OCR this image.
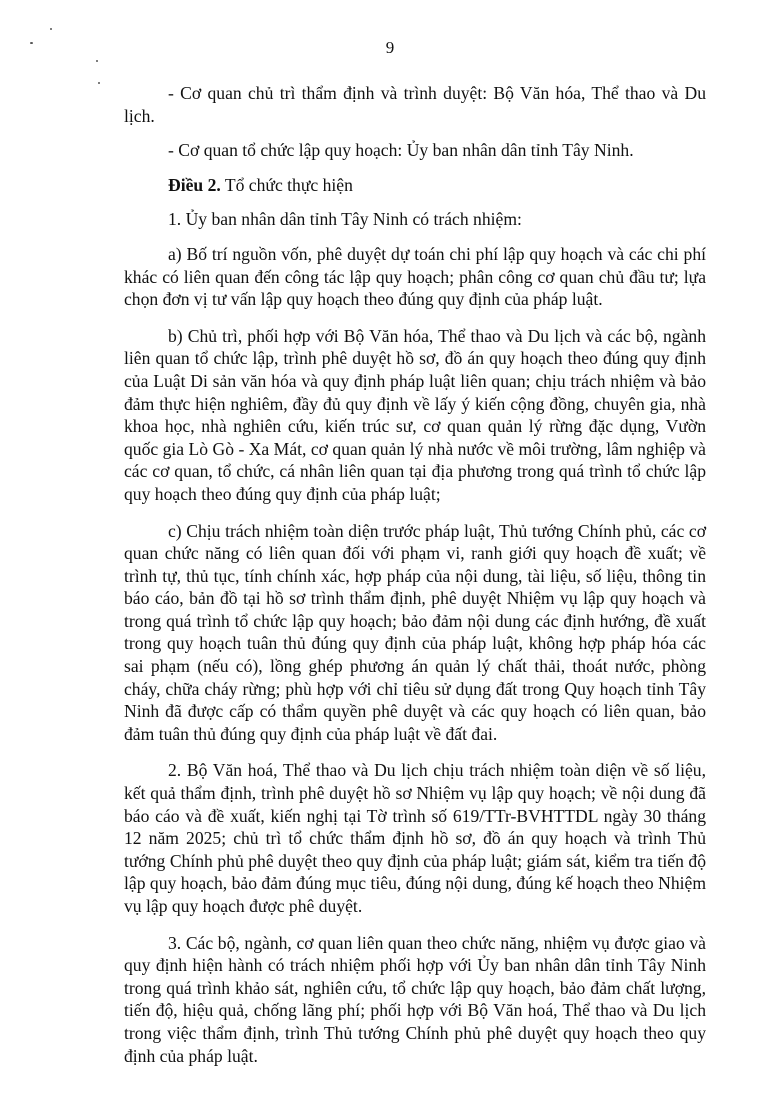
9

- Cơ quan chủ trì thẩm định và trình duyệt: Bộ Văn hóa, Thể thao và Du lịch.

- Cơ quan tổ chức lập quy hoạch: Ủy ban nhân dân tỉnh Tây Ninh.

Điều 2. Tổ chức thực hiện

1. Ủy ban nhân dân tỉnh Tây Ninh có trách nhiệm:

a) Bố trí nguồn vốn, phê duyệt dự toán chi phí lập quy hoạch và các chi phí khác có liên quan đến công tác lập quy hoạch; phân công cơ quan chủ đầu tư; lựa chọn đơn vị tư vấn lập quy hoạch theo đúng quy định của pháp luật.

b) Chủ trì, phối hợp với Bộ Văn hóa, Thể thao và Du lịch và các bộ, ngành liên quan tổ chức lập, trình phê duyệt hồ sơ, đồ án quy hoạch theo đúng quy định của Luật Di sản văn hóa và quy định pháp luật liên quan; chịu trách nhiệm và bảo đảm thực hiện nghiêm, đầy đủ quy định về lấy ý kiến cộng đồng, chuyên gia, nhà khoa học, nhà nghiên cứu, kiến trúc sư, cơ quan quản lý rừng đặc dụng, Vườn quốc gia Lò Gò - Xa Mát, cơ quan quản lý nhà nước về môi trường, lâm nghiệp và các cơ quan, tổ chức, cá nhân liên quan tại địa phương trong quá trình tổ chức lập quy hoạch theo đúng quy định của pháp luật;

c) Chịu trách nhiệm toàn diện trước pháp luật, Thủ tướng Chính phủ, các cơ quan chức năng có liên quan đối với phạm vi, ranh giới quy hoạch đề xuất; về trình tự, thủ tục, tính chính xác, hợp pháp của nội dung, tài liệu, số liệu, thông tin báo cáo, bản đồ tại hồ sơ trình thẩm định, phê duyệt Nhiệm vụ lập quy hoạch và trong quá trình tổ chức lập quy hoạch; bảo đảm nội dung các định hướng, đề xuất trong quy hoạch tuân thủ đúng quy định của pháp luật, không hợp pháp hóa các sai phạm (nếu có), lồng ghép phương án quản lý chất thải, thoát nước, phòng cháy, chữa cháy rừng; phù hợp với chỉ tiêu sử dụng đất trong Quy hoạch tỉnh Tây Ninh đã được cấp có thẩm quyền phê duyệt và các quy hoạch có liên quan, bảo đảm tuân thủ đúng quy định của pháp luật về đất đai.

2. Bộ Văn hoá, Thể thao và Du lịch chịu trách nhiệm toàn diện về số liệu, kết quả thẩm định, trình phê duyệt hồ sơ Nhiệm vụ lập quy hoạch; về nội dung đã báo cáo và đề xuất, kiến nghị tại Tờ trình số 619/TTr-BVHTTDL ngày 30 tháng 12 năm 2025; chủ trì tổ chức thẩm định hồ sơ, đồ án quy hoạch và trình Thủ tướng Chính phủ phê duyệt theo quy định của pháp luật; giám sát, kiểm tra tiến độ lập quy hoạch, bảo đảm đúng mục tiêu, đúng nội dung, đúng kế hoạch theo Nhiệm vụ lập quy hoạch được phê duyệt.

3. Các bộ, ngành, cơ quan liên quan theo chức năng, nhiệm vụ được giao và quy định hiện hành có trách nhiệm phối hợp với Ủy ban nhân dân tỉnh Tây Ninh trong quá trình khảo sát, nghiên cứu, tổ chức lập quy hoạch, bảo đảm chất lượng, tiến độ, hiệu quả, chống lãng phí; phối hợp với Bộ Văn hoá, Thể thao và Du lịch trong việc thẩm định, trình Thủ tướng Chính phủ phê duyệt quy hoạch theo quy định của pháp luật.
